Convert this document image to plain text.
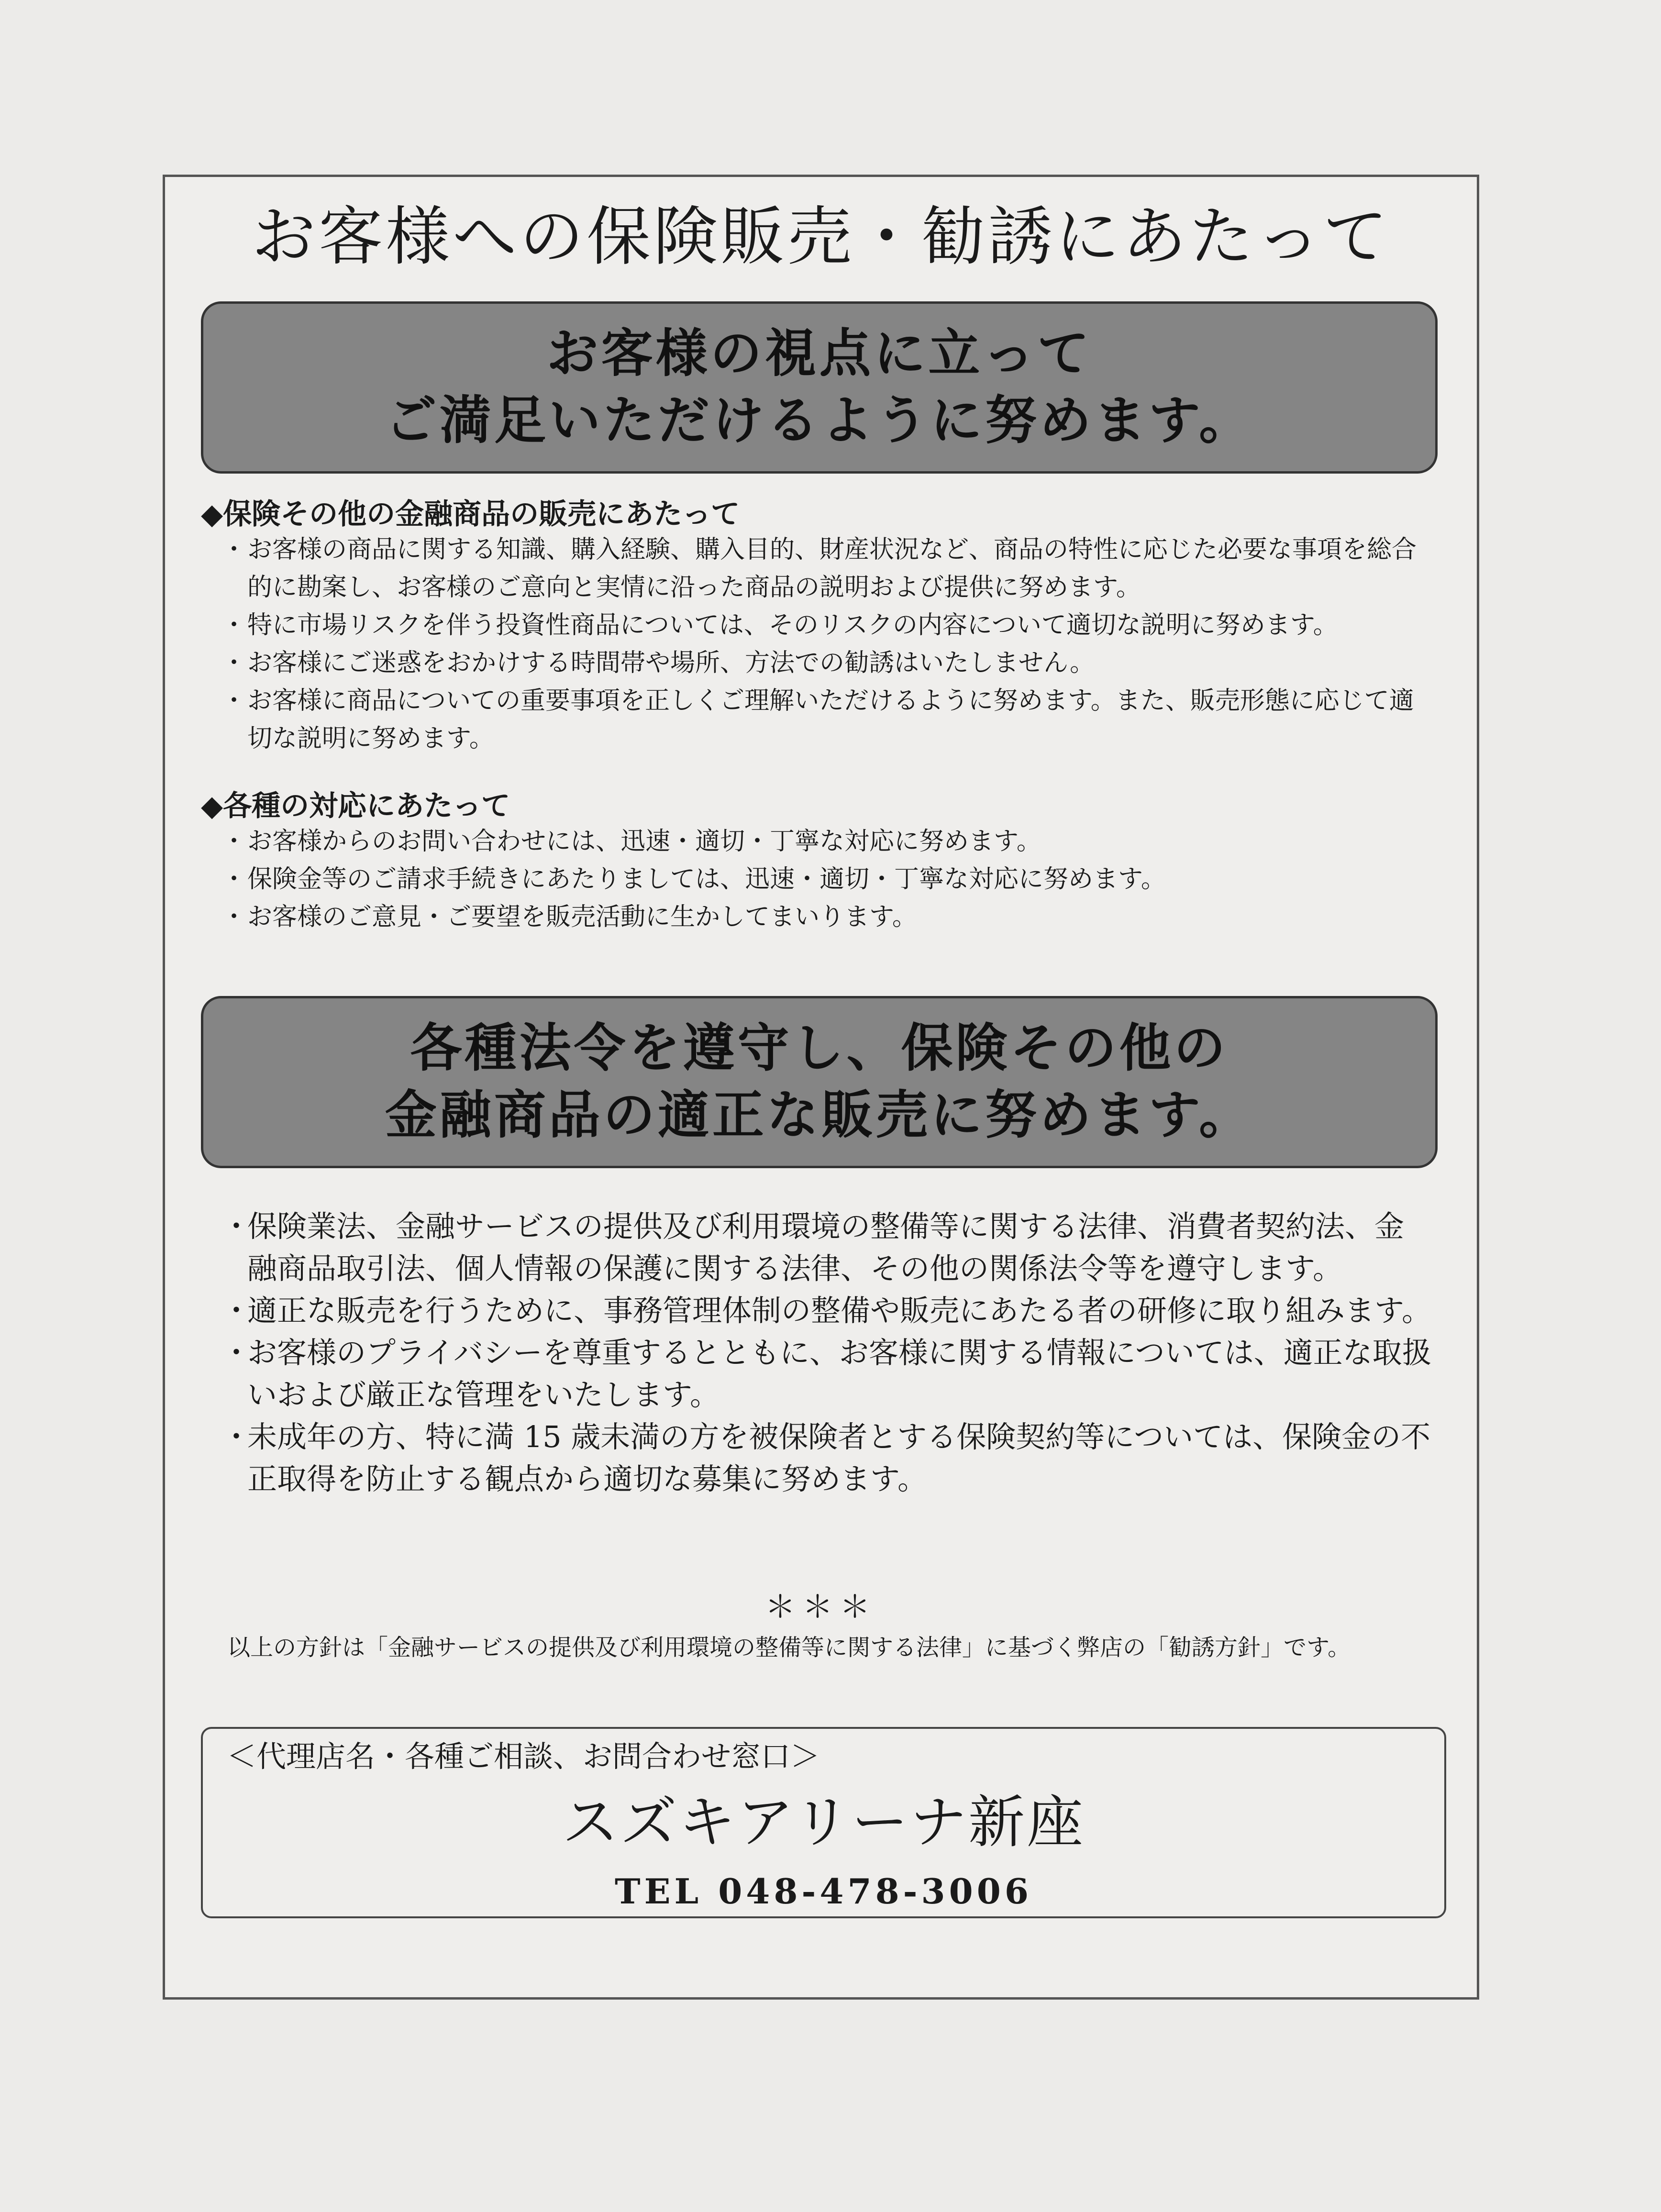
お客様への保険販売・勧誘にあたって
お客様の視点に立って
ご満足いただけるように努めます。
◆保険その他の金融商品の販売にあたって
・ お客様の商品に関する知識、購入経験、購入目的、財産状況など、商品の特性に応じた必要な事項を総合的に勘案し、お客様のご意向と実情に沿った商品の説明および提供に努めます。
・ 特に市場リスクを伴う投資性商品については、そのリスクの内容について適切な説明に努めます。
・ お客様にご迷惑をおかけする時間帯や場所、方法での勧誘はいたしません。
・ お客様に商品についての重要事項を正しくご理解いただけるように努めます。また、販売形態に応じて適切な説明に努めます。
◆各種の対応にあたって
・ お客様からのお問い合わせには、迅速・適切・丁寧な対応に努めます。
・ 保険金等のご請求手続きにあたりましては、迅速・適切・丁寧な対応に努めます。
・ お客様のご意見・ご要望を販売活動に生かしてまいります。
各種法令を遵守し、保険その他の
金融商品の適正な販売に努めます。
・ 保険業法、金融サービスの提供及び利用環境の整備等に関する法律、消費者契約法、金融商品取引法、個人情報の保護に関する法律、その他の関係法令等を遵守します。
・ 適正な販売を行うために、事務管理体制の整備や販売にあたる者の研修に取り組みます。
・ お客様のプライバシーを尊重するとともに、お客様に関する情報については、適正な取扱いおよび厳正な管理をいたします。
・ 未成年の方、特に満 15 歳未満の方を被保険者とする保険契約等については、保険金の不正取得を防止する観点から適切な募集に努めます。
＊＊＊
以上の方針は「金融サービスの提供及び利用環境の整備等に関する法律」に基づく弊店の「勧誘方針」です。
＜代理店名・各種ご相談、お問合わせ窓口＞
スズキアリーナ新座
TEL 048-478-3006
